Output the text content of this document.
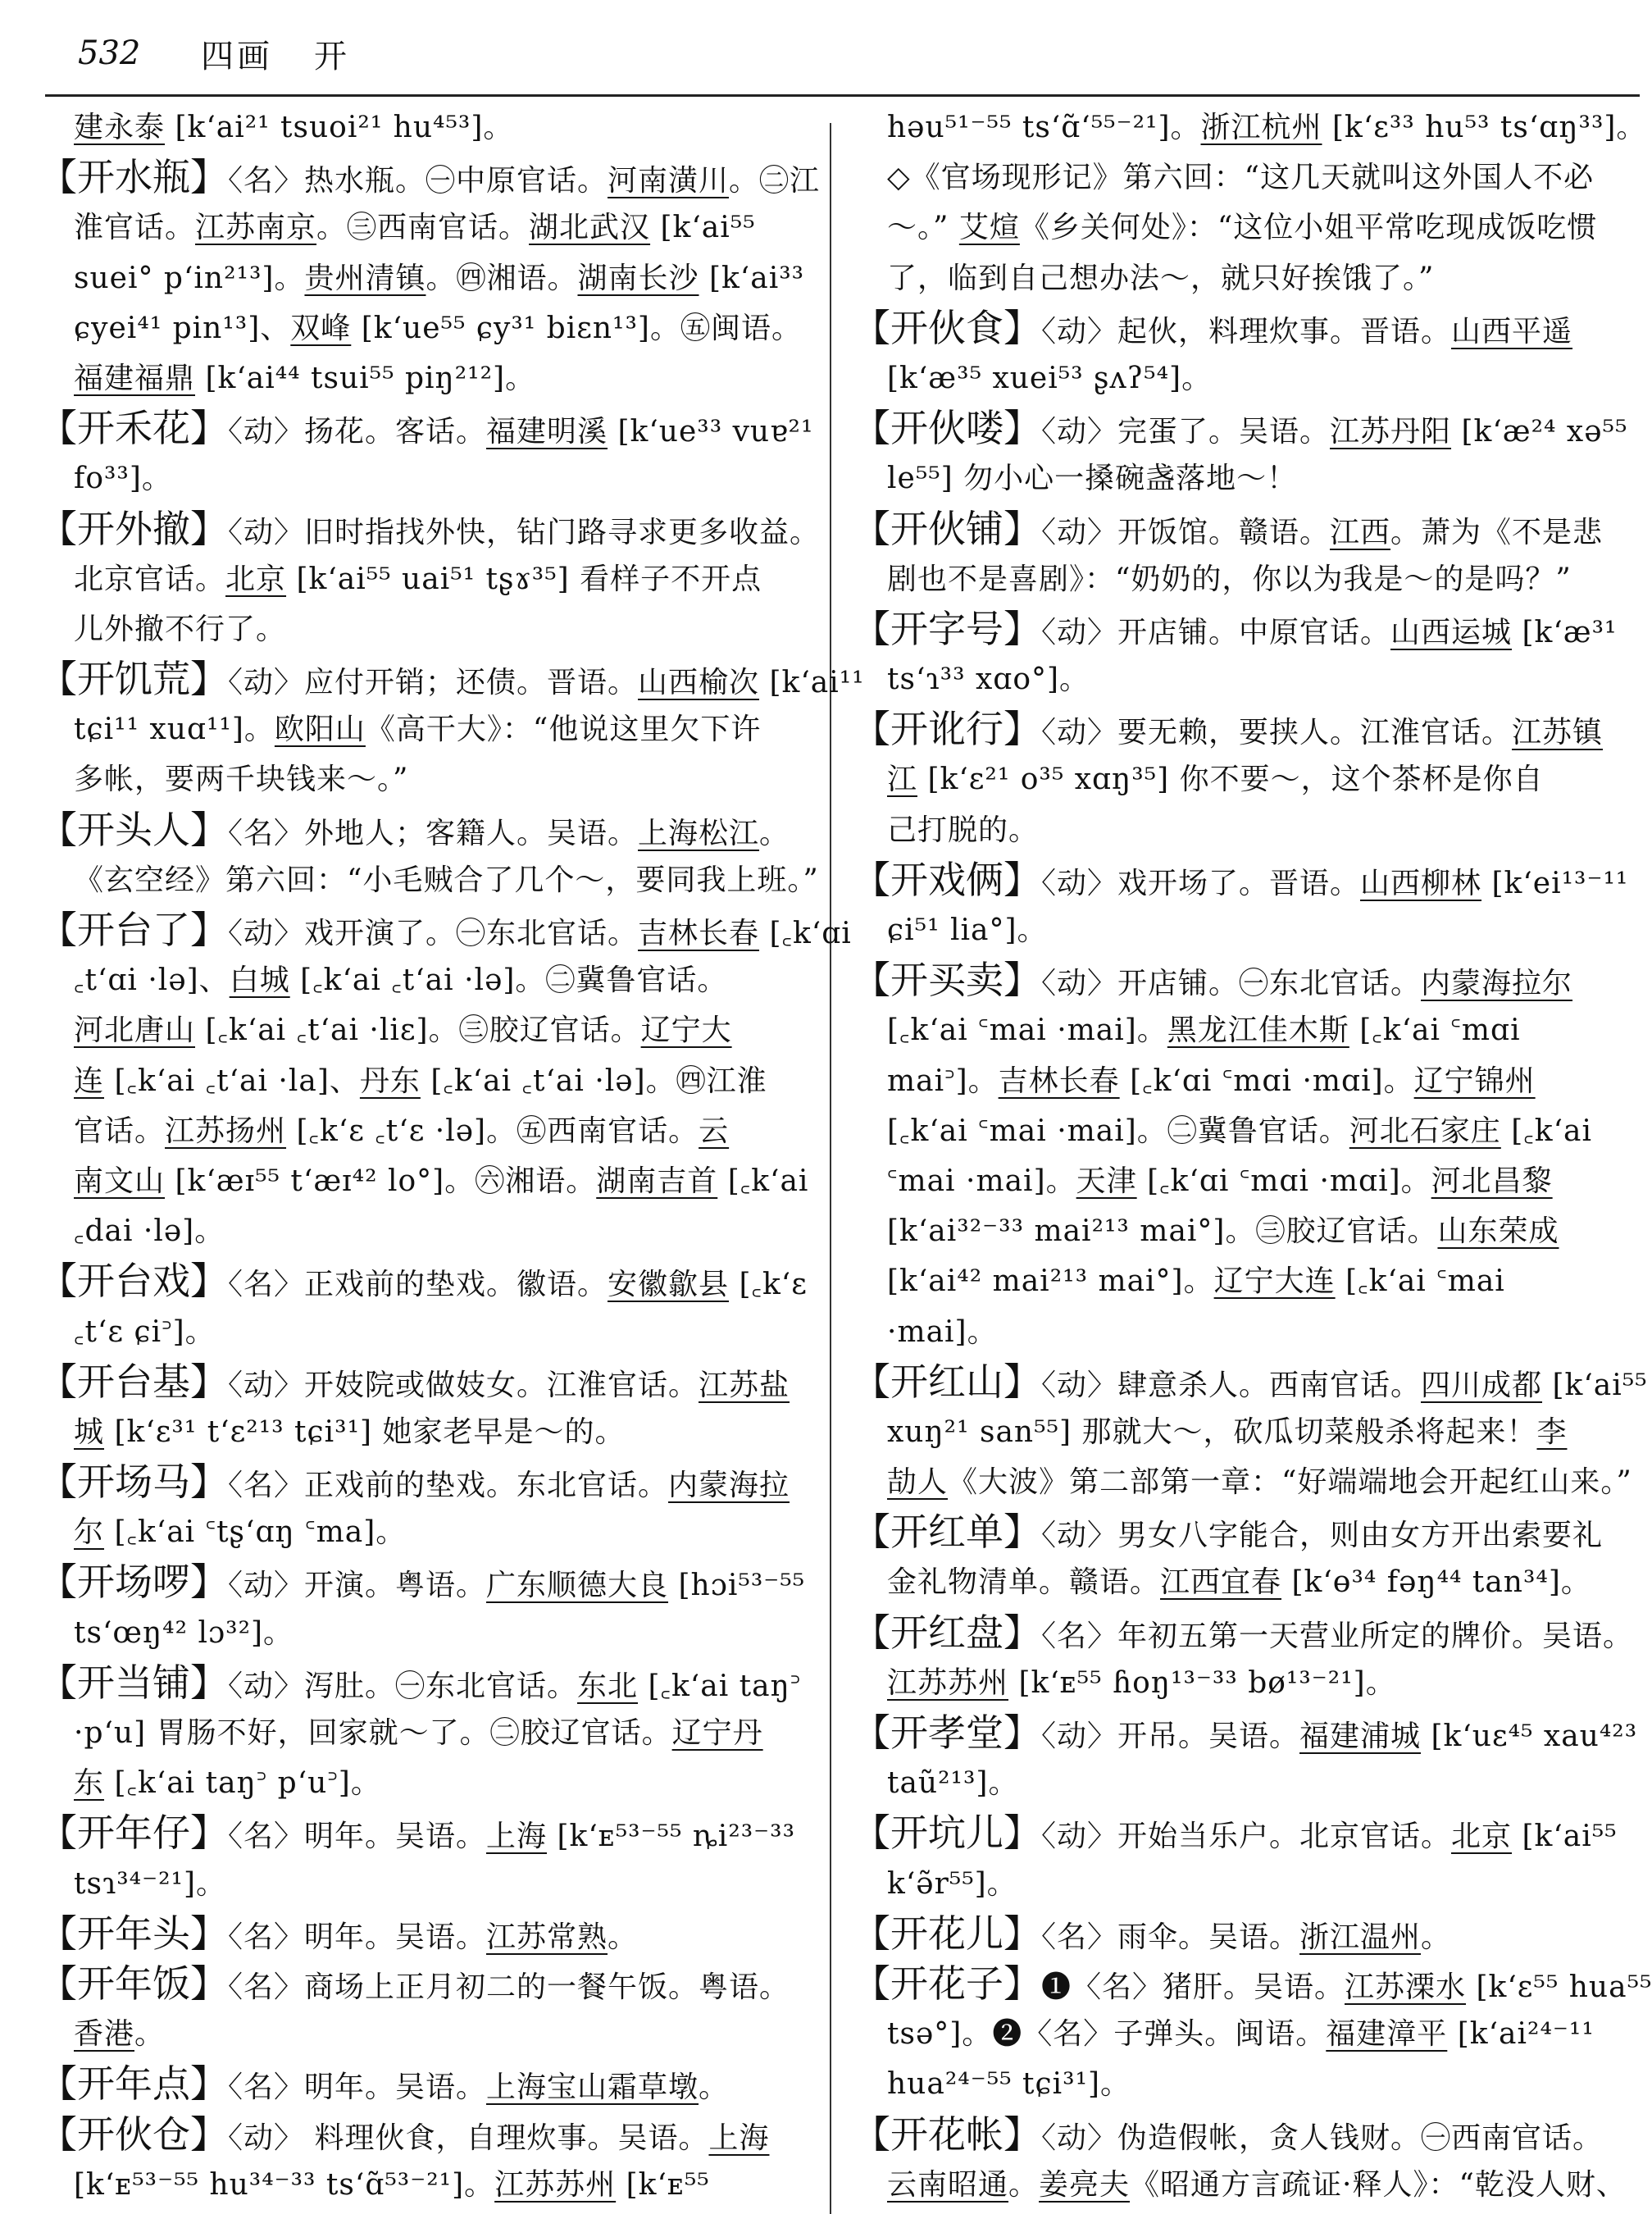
532	四画 开
建永泰 [k‘ai²¹ tsuoi²¹ hu⁴⁵³]。
【开水瓶】〈名〉热水瓶。㊀中原官话。河南潢川。㊁江
淮官话。江苏南京。㊂西南官话。湖北武汉 [k‘ai⁵⁵
suei° p‘in²¹³]。贵州清镇。㊃湘语。湖南长沙 [k‘ai³³
ɕyei⁴¹ pin¹³]、双峰 [k‘ue⁵⁵ ɕy³¹ biɛn¹³]。㊄闽语。
福建福鼎 [k‘ai⁴⁴ tsui⁵⁵ piŋ²¹²]。
【开禾花】〈动〉扬花。客话。福建明溪 [k‘ue³³ vuɐ²¹
fo³³]。
【开外撤】〈动〉旧时指找外快，钻门路寻求更多收益。
北京官话。北京 [k‘ai⁵⁵ uai⁵¹ tʂɤ³⁵] 看样子不开点
儿外撤不行了。
【开饥荒】〈动〉应付开销；还债。晋语。山西榆次 [k‘ai¹¹
tɕi¹¹ xuɑ¹¹]。欧阳山《高干大》：“他说这里欠下许
多帐，要两千块钱来～。”
【开头人】〈名〉外地人；客籍人。吴语。上海松江。
《玄空经》第六回：“小毛贼合了几个～，要同我上班。”
【开台了】〈动〉戏开演了。㊀东北官话。吉林长春 [꜀k‘ɑi
꜀t‘ɑi ·lə]、白城 [꜀k‘ai ꜀t‘ai ·lə]。㊁冀鲁官话。
河北唐山 [꜀k‘ai ꜀t‘ai ·liɛ]。㊂胶辽官话。辽宁大
连 [꜀k‘ai ꜀t‘ai ·la]、丹东 [꜀k‘ai ꜀t‘ai ·lə]。㊃江淮
官话。江苏扬州 [꜀k‘ɛ ꜀t‘ɛ ·lə]。㊄西南官话。云
南文山 [k‘æɪ⁵⁵ t‘æɪ⁴² lo°]。㊅湘语。湖南吉首 [꜀k‘ai
꜀dai ·lə]。
【开台戏】〈名〉正戏前的垫戏。徽语。安徽歙县 [꜀k‘ɛ
꜀t‘ɛ ɕi꜄]。
【开台基】〈动〉开妓院或做妓女。江淮官话。江苏盐
城 [k‘ɛ³¹ t‘ɛ²¹³ tɕi³¹] 她家老早是～的。
【开场马】〈名〉正戏前的垫戏。东北官话。内蒙海拉
尔 [꜀k‘ai ꜂tʂ‘ɑŋ ꜂ma]。
【开场啰】〈动〉开演。粤语。广东顺德大良 [hɔi⁵³⁻⁵⁵
ts‘œŋ⁴² lɔ³²]。
【开当铺】〈动〉泻肚。㊀东北官话。东北 [꜀k‘ai taŋ꜄
·p‘u] 胃肠不好，回家就～了。㊁胶辽官话。辽宁丹
东 [꜀k‘ai taŋ꜄ p‘u꜄]。
【开年仔】〈名〉明年。吴语。上海 [k‘ᴇ⁵³⁻⁵⁵ ȵi²³⁻³³
tsɿ³⁴⁻²¹]。
【开年头】〈名〉明年。吴语。江苏常熟。
【开年饭】〈名〉商场上正月初二的一餐午饭。粤语。
香港。
【开年点】〈名〉明年。吴语。上海宝山霜草墩。
【开伙仓】〈动〉 料理伙食，自理炊事。吴语。上海
[k‘ᴇ⁵³⁻⁵⁵ hu³⁴⁻³³ ts‘ɑ̃⁵³⁻²¹]。江苏苏州 [k‘ᴇ⁵⁵
həu⁵¹⁻⁵⁵ ts‘ɑ̃‘⁵⁵⁻²¹]。浙江杭州 [k‘ɛ³³ hu⁵³ ts‘ɑŋ³³]。
◇《官场现形记》第六回：“这几天就叫这外国人不必
～。” 艾煊《乡关何处》：“这位小姐平常吃现成饭吃惯
了，临到自己想办法～，就只好挨饿了。”
【开伙食】〈动〉起伙，料理炊事。晋语。山西平遥
[k‘æ³⁵ xuei⁵³ ʂʌʔ⁵⁴]。
【开伙喽】〈动〉完蛋了。吴语。江苏丹阳 [k‘æ²⁴ xə⁵⁵
le⁵⁵] 勿小心一搡碗盏落地～！
【开伙铺】〈动〉开饭馆。赣语。江西。萧为《不是悲
剧也不是喜剧》：“奶奶的，你以为我是～的是吗？”
【开字号】〈动〉开店铺。中原官话。山西运城 [k‘æ³¹
ts‘ɿ³³ xɑo°]。
【开讹行】〈动〉要无赖，要挟人。江淮官话。江苏镇
江 [k‘ɛ²¹ o³⁵ xɑŋ³⁵] 你不要～，这个茶杯是你自
己打脱的。
【开戏俩】〈动〉戏开场了。晋语。山西柳林 [k‘ei¹³⁻¹¹
ɕi⁵¹ lia°]。
【开买卖】〈动〉开店铺。㊀东北官话。内蒙海拉尔
[꜀k‘ai ꜂mai ·mai]。黑龙江佳木斯 [꜀k‘ai ꜂mɑi
mai꜄]。吉林长春 [꜀k‘ɑi ꜂mɑi ·mɑi]。辽宁锦州
[꜀k‘ai ꜂mai ·mai]。㊁冀鲁官话。河北石家庄 [꜀k‘ai
꜂mai ·mai]。天津 [꜀k‘ɑi ꜂mɑi ·mɑi]。河北昌黎
[k‘ai³²⁻³³ mai²¹³ mai°]。㊂胶辽官话。山东荣成
[k‘ai⁴² mai²¹³ mai°]。辽宁大连 [꜀k‘ai ꜂mai
·mai]。
【开红山】〈动〉肆意杀人。西南官话。四川成都 [k‘ai⁵⁵
xuŋ²¹ san⁵⁵] 那就大～，砍瓜切菜般杀将起来！李
劼人《大波》第二部第一章：“好端端地会开起红山来。”
【开红单】〈动〉男女八字能合，则由女方开出索要礼
金礼物清单。赣语。江西宜春 [k‘ɵ³⁴ fəŋ⁴⁴ tan³⁴]。
【开红盘】〈名〉年初五第一天营业所定的牌价。吴语。
江苏苏州 [k‘ᴇ⁵⁵ ɦoŋ¹³⁻³³ bø¹³⁻²¹]。
【开孝堂】〈动〉开吊。吴语。福建浦城 [k‘uɛ⁴⁵ xau⁴²³
taũ²¹³]。
【开坑儿】〈动〉开始当乐户。北京官话。北京 [k‘ai⁵⁵
k‘ə̃r⁵⁵]。
【开花儿】〈名〉雨伞。吴语。浙江温州。
【开花子】❶〈名〉猪肝。吴语。江苏溧水 [k‘ɛ⁵⁵ hua⁵⁵
tsə°]。❷〈名〉子弹头。闽语。福建漳平 [k‘ai²⁴⁻¹¹
hua²⁴⁻⁵⁵ tɕi³¹]。
【开花帐】〈动〉伪造假帐，贪人钱财。㊀西南官话。
云南昭通。姜亮夫《昭通方言疏证·释人》：“乾没人财、
